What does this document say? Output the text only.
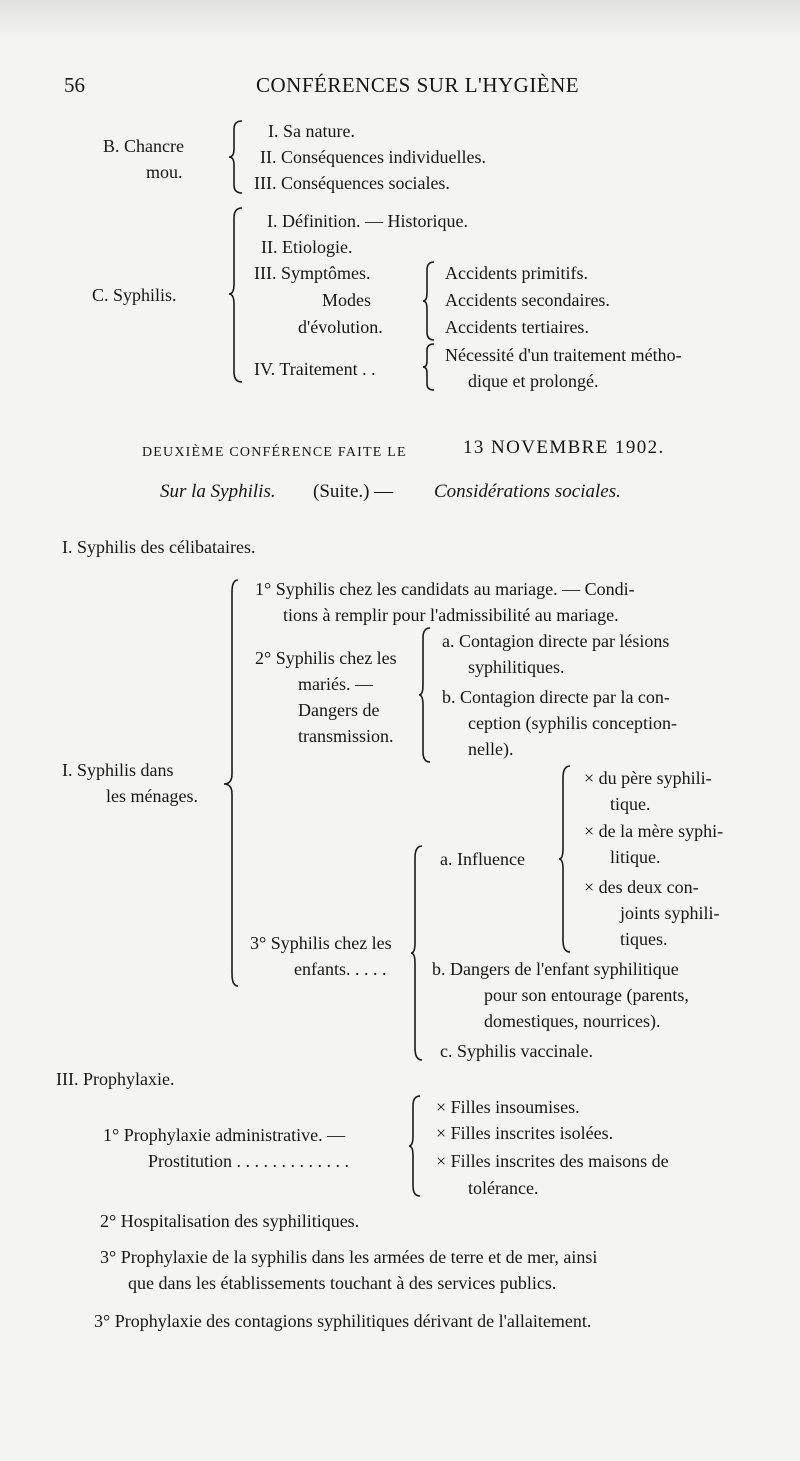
56	CONFÉRENCES SUR L'HYGIÈNE
B. Chancre
mou.
I. Sa nature.
II. Conséquences individuelles.
III. Conséquences sociales.
C. Syphilis.
I. Définition. — Historique.
II. Etiologie.
III. Symptômes.
Modes
d'évolution.
Accidents primitifs.
Accidents secondaires.
Accidents tertiaires.
IV. Traitement . .
Nécessité d'un traitement métho-
dique et prolongé.
DEUXIÈME CONFÉRENCE FAITE LE	13 NOVEMBRE 1902.
Sur la Syphilis. (Suite.) — Considérations sociales.
I. Syphilis des célibataires.
I. Syphilis dans
les ménages.
1° Syphilis chez les candidats au mariage. — Condi-
tions à remplir pour l'admissibilité au mariage.
2° Syphilis chez les
mariés. —
Dangers de
transmission.
a. Contagion directe par lésions
syphilitiques.
b. Contagion directe par la con-
ception (syphilis conception-
nelle).
3° Syphilis chez les
enfants. . . . .
a. Influence
× du père syphili-
tique.
× de la mère syphi-
litique.
× des deux con-
joints syphili-
tiques.
b. Dangers de l'enfant syphilitique
pour son entourage (parents,
domestiques, nourrices).
c. Syphilis vaccinale.
III. Prophylaxie.
1° Prophylaxie administrative. —
Prostitution . . . . . . . . . . . . .
× Filles insoumises.
× Filles inscrites isolées.
× Filles inscrites des maisons de
tolérance.
2° Hospitalisation des syphilitiques.
3° Prophylaxie de la syphilis dans les armées de terre et de mer, ainsi
que dans les établissements touchant à des services publics.
3° Prophylaxie des contagions syphilitiques dérivant de l'allaitement.
